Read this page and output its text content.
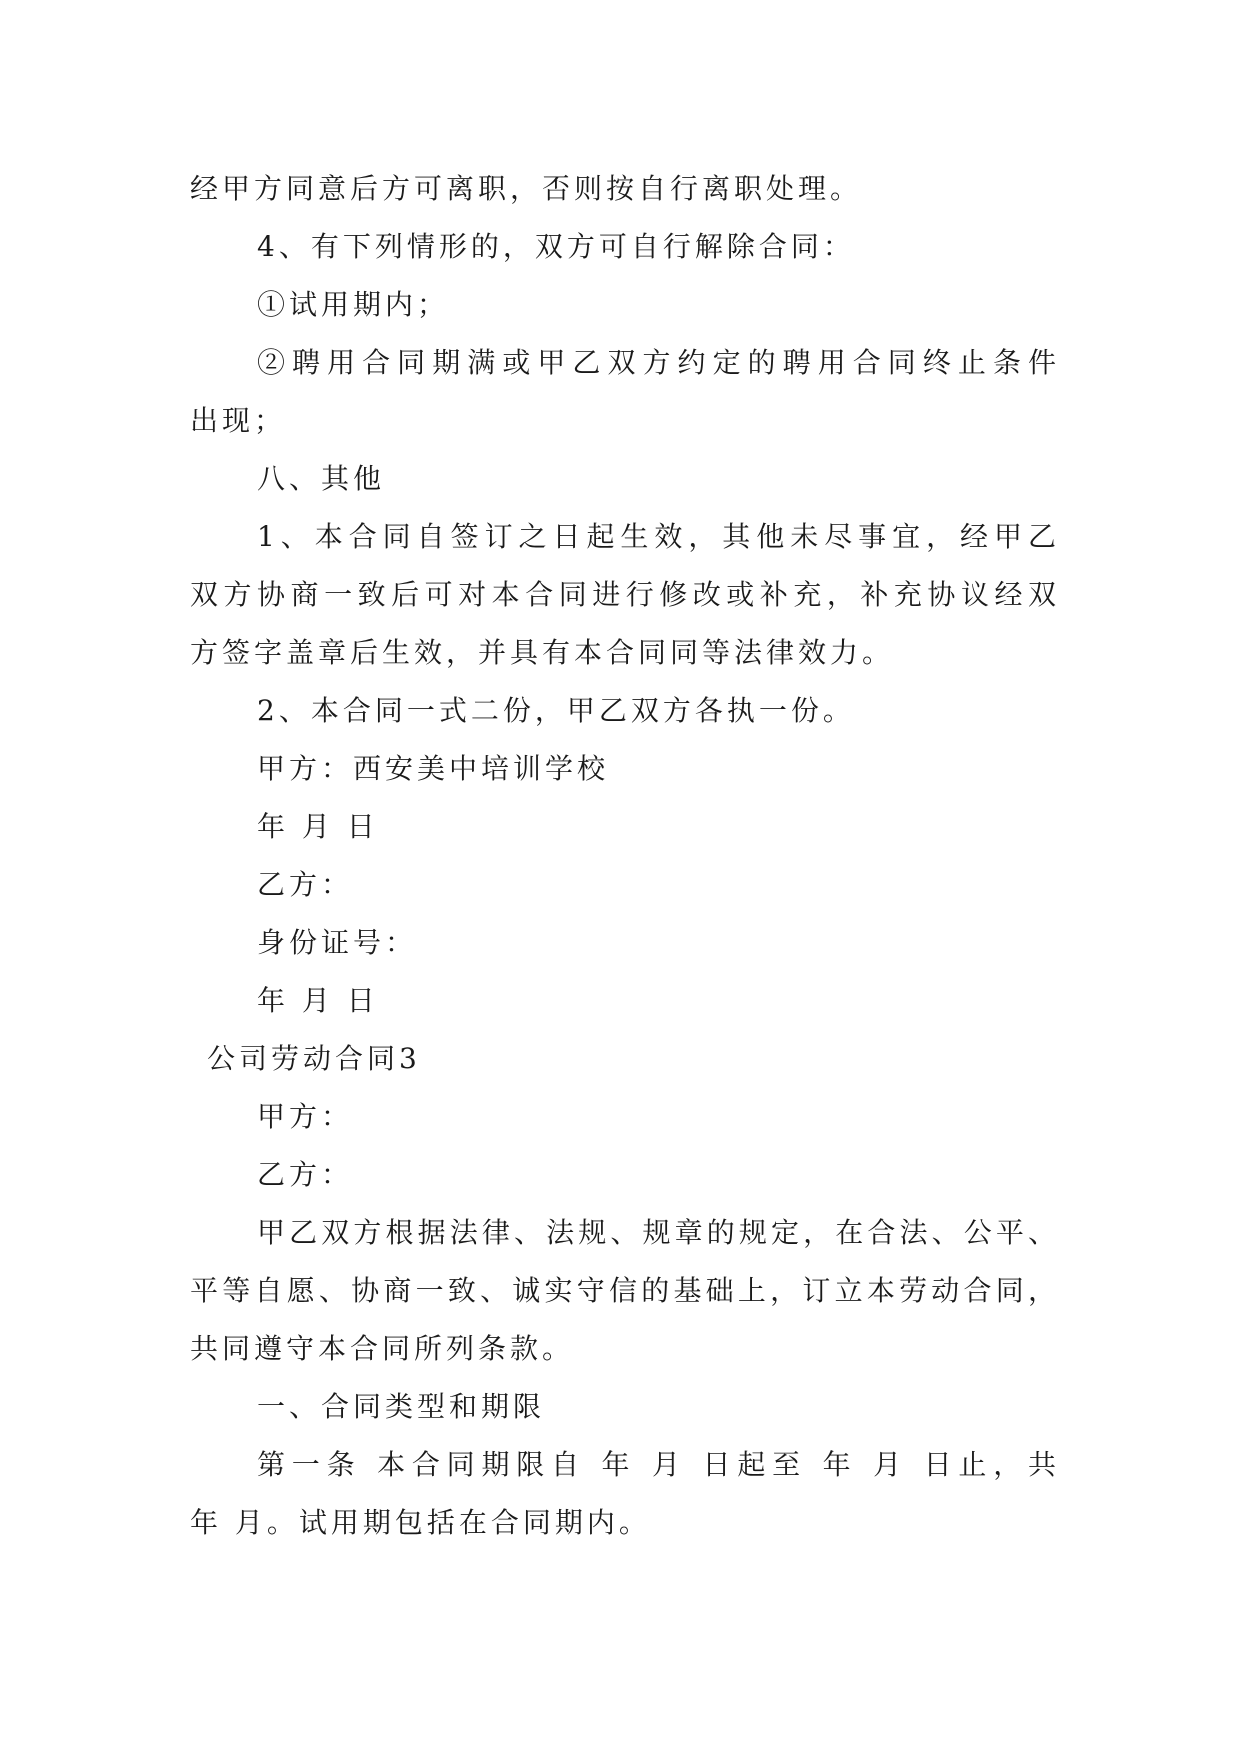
经甲方同意后方可离职，否则按自行离职处理。
4、有下列情形的，双方可自行解除合同：
①试用期内；
②聘用合同期满或甲乙双方约定的聘用合同终止条件
出现；
八、其他
1、本合同自签订之日起生效，其他未尽事宜，经甲乙
双方协商一致后可对本合同进行修改或补充，补充协议经双
方签字盖章后生效，并具有本合同同等法律效力。
2、本合同一式二份，甲乙双方各执一份。
甲方：西安美中培训学校
年 月 日
乙方：
身份证号：
年 月 日
公司劳动合同3
甲方：
乙方：
甲乙双方根据法律、法规、规章的规定，在合法、公平、
平等自愿、协商一致、诚实守信的基础上，订立本劳动合同，
共同遵守本合同所列条款。
一、合同类型和期限
第一条 本合同期限自 年 月 日起至 年 月 日止，共
年 月。试用期包括在合同期内。
